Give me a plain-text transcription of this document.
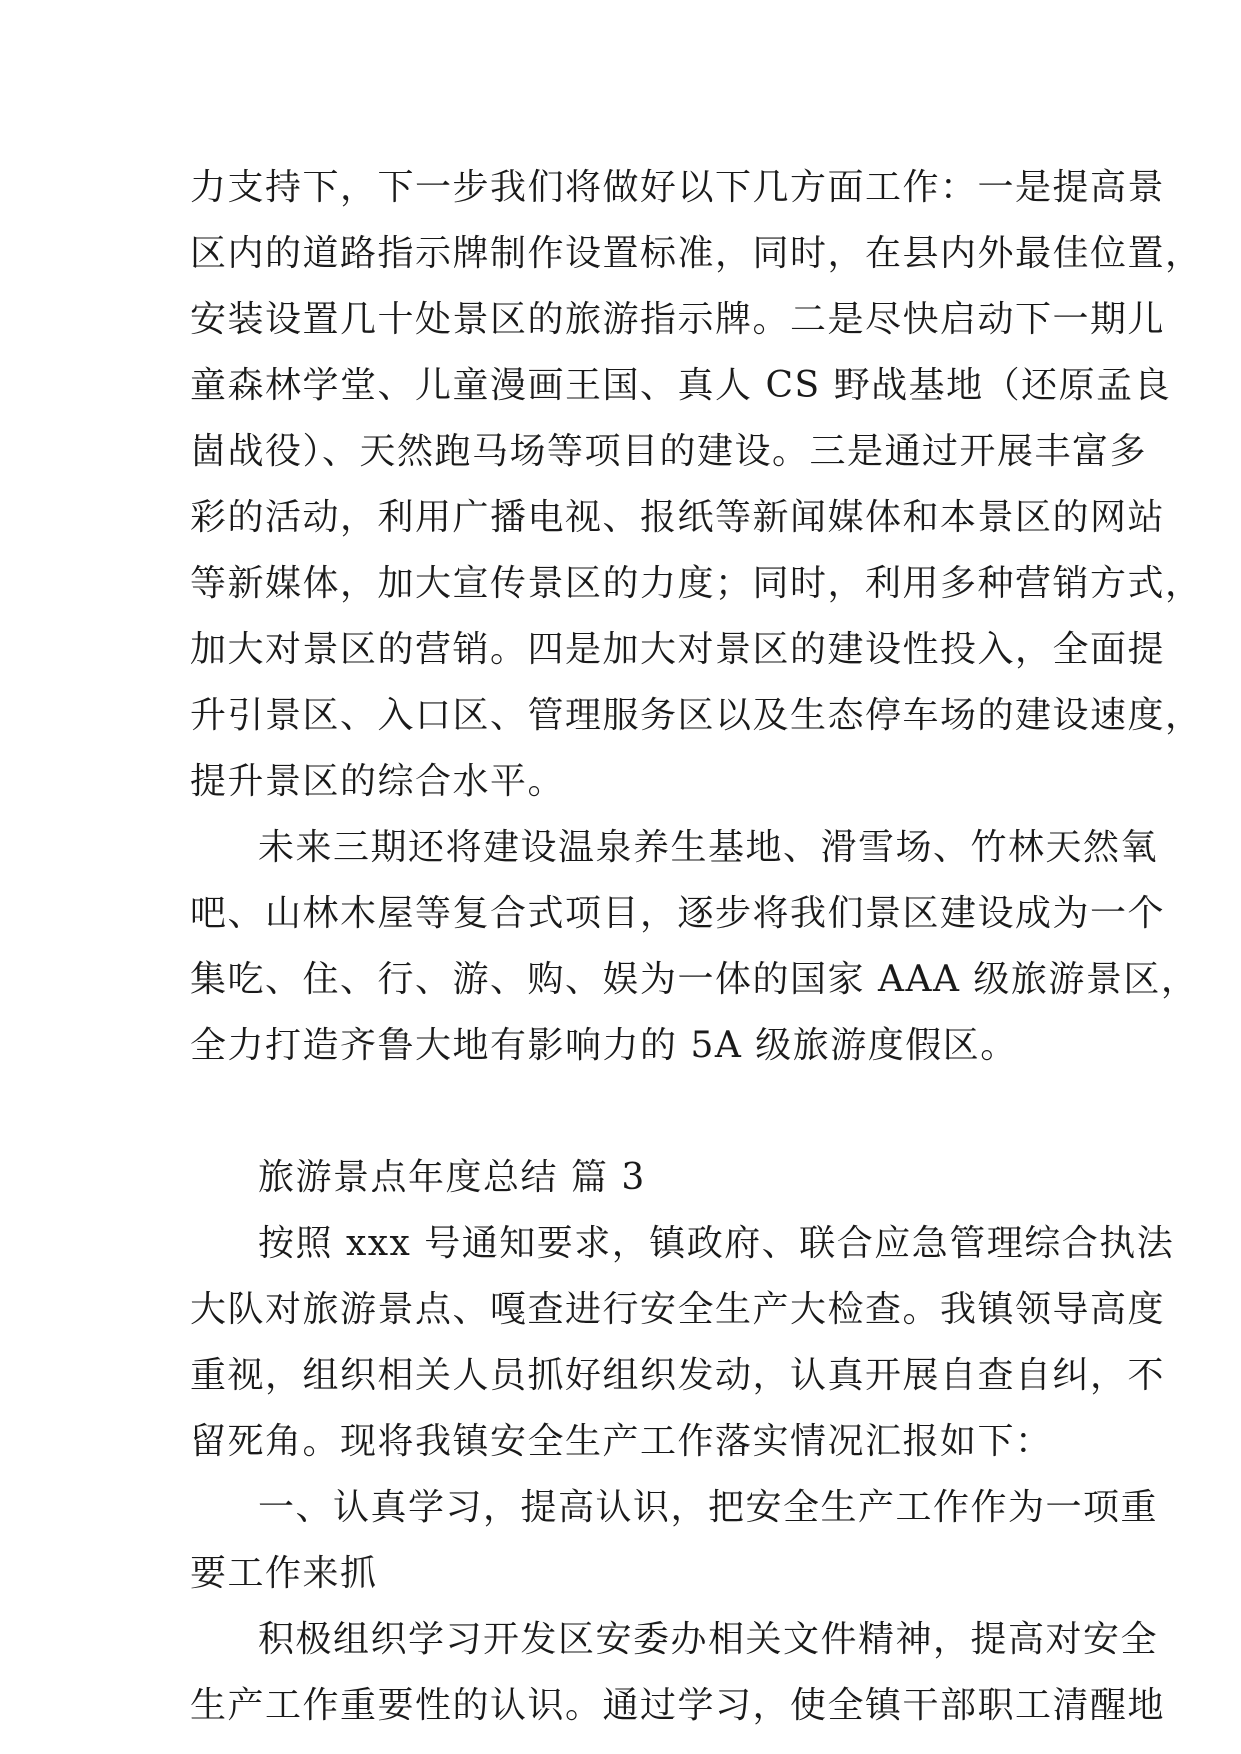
力支持下，下一步我们将做好以下几方面工作：一是提高景
区内的道路指示牌制作设置标准，同时，在县内外最佳位置，
安装设置几十处景区的旅游指示牌。二是尽快启动下一期儿
童森林学堂、儿童漫画王国、真人 CS 野战基地（还原孟良
崮战役）、天然跑马场等项目的建设。三是通过开展丰富多
彩的活动，利用广播电视、报纸等新闻媒体和本景区的网站
等新媒体，加大宣传景区的力度；同时，利用多种营销方式，
加大对景区的营销。四是加大对景区的建设性投入，全面提
升引景区、入口区、管理服务区以及生态停车场的建设速度，
提升景区的综合水平。
未来三期还将建设温泉养生基地、滑雪场、竹林天然氧
吧、山林木屋等复合式项目，逐步将我们景区建设成为一个
集吃、住、行、游、购、娱为一体的国家 AAA 级旅游景区，
全力打造齐鲁大地有影响力的 5A 级旅游度假区。
旅游景点年度总结 篇 3
按照 xxx 号通知要求，镇政府、联合应急管理综合执法
大队对旅游景点、嘎查进行安全生产大检查。我镇领导高度
重视，组织相关人员抓好组织发动，认真开展自查自纠，不
留死角。现将我镇安全生产工作落实情况汇报如下：
一、认真学习，提高认识，把安全生产工作作为一项重
要工作来抓
积极组织学习开发区安委办相关文件精神，提高对安全
生产工作重要性的认识。通过学习，使全镇干部职工清醒地
